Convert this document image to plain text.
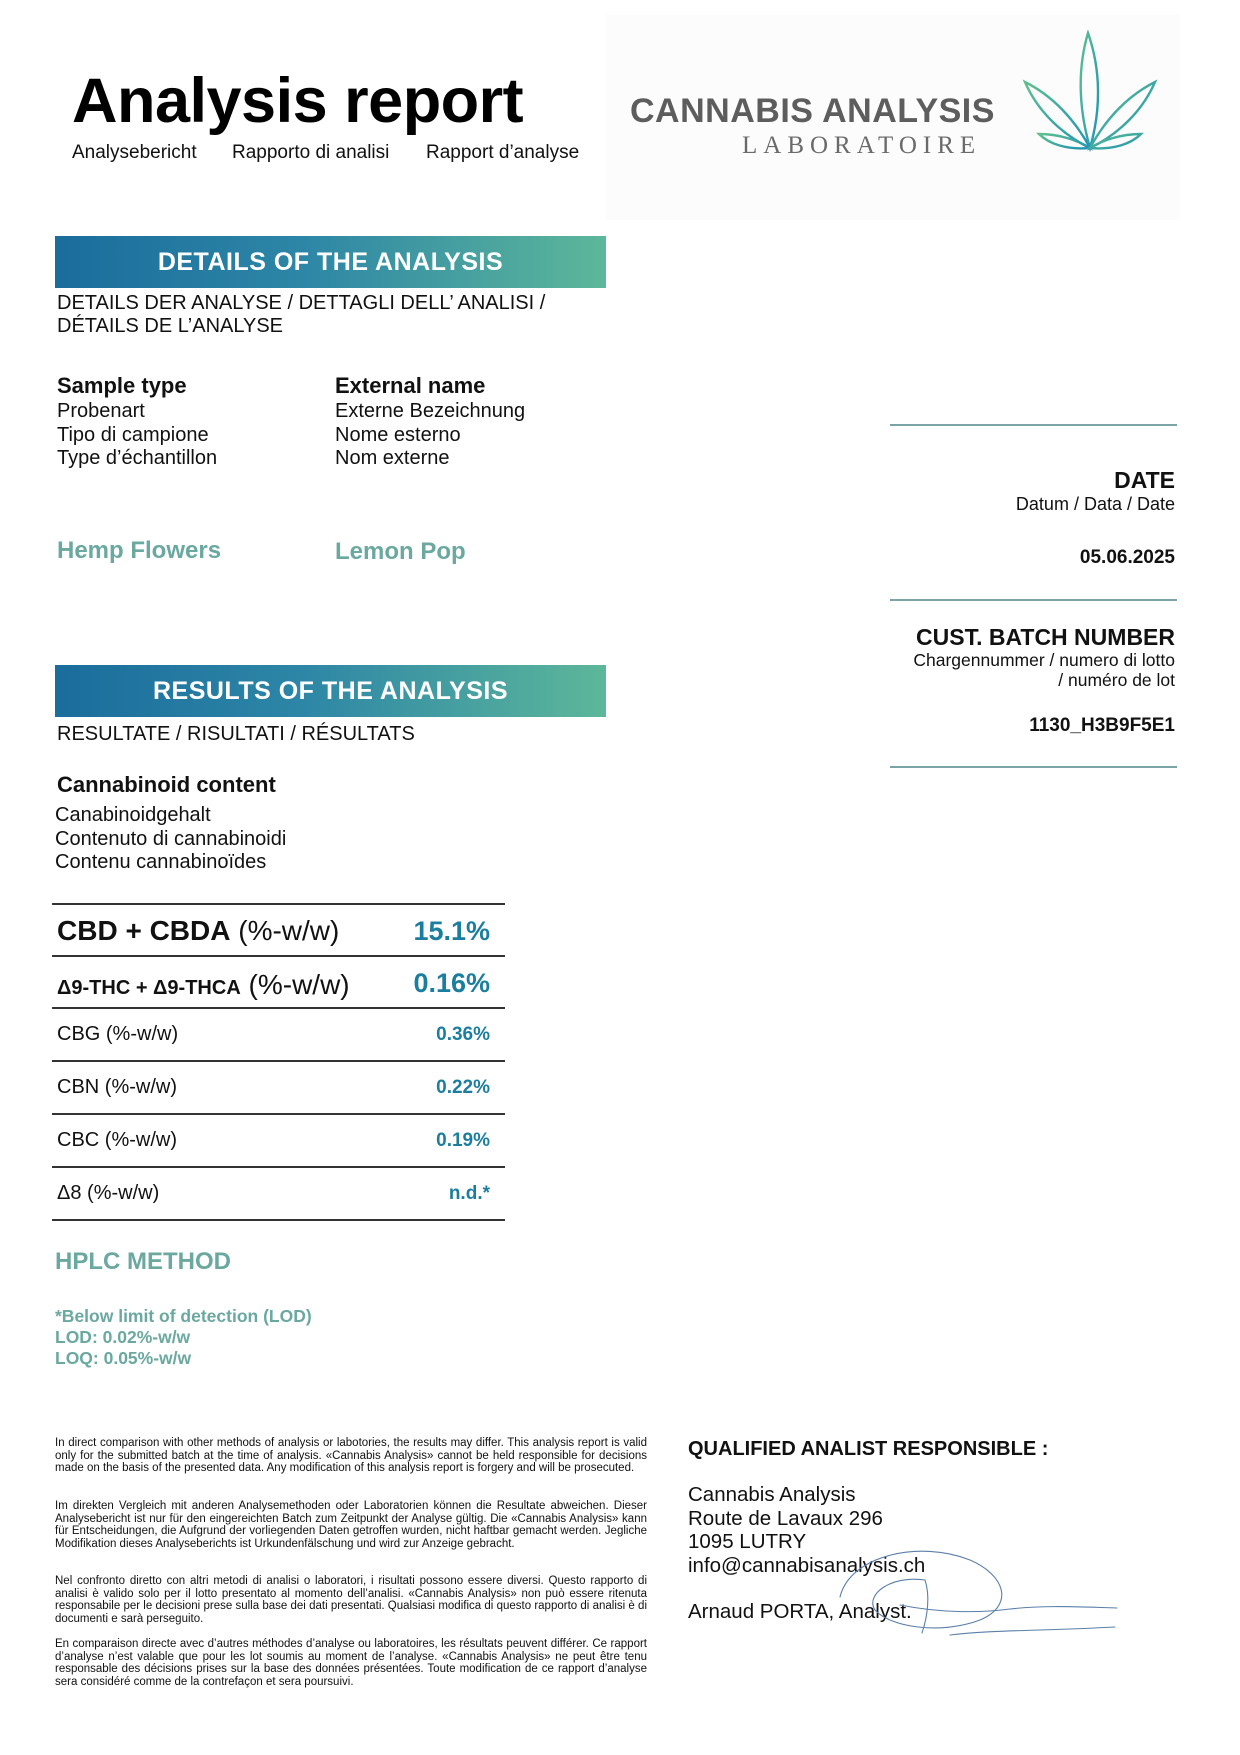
Analysis report
Analysebericht Rapporto di analisi Rapport d’analyse
CANNABIS ANALYSIS
LABORATOIRE
DETAILS OF THE ANALYSIS
DETAILS DER ANALYSE / DETTAGLI DELL’ ANALISI /
DÉTAILS DE L’ANALYSE
Sample type
Probenart
Tipo di campione
Type d’échantillon
External name
Externe Bezeichnung
Nome esterno
Nom externe
Hemp Flowers	Lemon Pop
DATE
Datum / Data / Date
05.06.2025
CUST. BATCH NUMBER
Chargennummer / numero di lotto
/ numéro de lot
1130_H3B9F5E1
RESULTS OF THE ANALYSIS
RESULTATE / RISULTATI / RÉSULTATS
Cannabinoid content
Canabinoidgehalt
Contenuto di cannabinoidi
Contenu cannabinoïdes
CBD + CBDA (%-w/w)	15.1%
Δ9-THC + Δ9-THCA (%-w/w) 0.16%
CBG (%-w/w)	0.36%
CBN (%-w/w)	0.22%
CBC (%-w/w)	0.19%
Δ8 (%-w/w)	n.d.*
HPLC METHOD
*Below limit of detection (LOD)
LOD: 0.02%-w/w
LOQ: 0.05%-w/w
In direct comparison with other methods of analysis or labotories, the results may differ. This analysis report is valid only for the submitted batch at the time of analysis. «Cannabis Analysis» cannot be held responsible for decisions made on the basis of the presented data. Any modification of this analysis report is forgery and will be prosecuted.
Im direkten Vergleich mit anderen Analysemethoden oder Laboratorien können die Resultate abweichen. Dieser Analysebericht ist nur für den eingereichten Batch zum Zeitpunkt der Analyse gültig. Die «Cannabis Analysis» kann für Entscheidungen, die Aufgrund der vorliegenden Daten getroffen wurden, nicht haftbar gemacht werden. Jegliche Modifikation dieses Analyseberichts ist Urkundenfälschung und wird zur Anzeige gebracht.
Nel confronto diretto con altri metodi di analisi o laboratori, i risultati possono essere diversi. Questo rapporto di analisi è valido solo per il lotto presentato al momento dell’analisi. «Cannabis Analysis» non può essere ritenuta responsabile per le decisioni prese sulla base dei dati presentati. Qualsiasi modifica di questo rapporto di analisi è di documenti e sarà perseguito.
En comparaison directe avec d’autres méthodes d’analyse ou laboratoires, les résultats peuvent différer. Ce rapport d’analyse n’est valable que pour les lot soumis au moment de l’analyse. «Cannabis Analysis» ne peut être tenu responsable des décisions prises sur la base des données présentées. Toute modification de ce rapport d’analyse sera considéré comme de la contrefaçon et sera poursuivi.
QUALIFIED ANALIST RESPONSIBLE :
Cannabis Analysis
Route de Lavaux 296
1095 LUTRY
info@cannabisanalysis.ch
Arnaud PORTA, Analyst.
